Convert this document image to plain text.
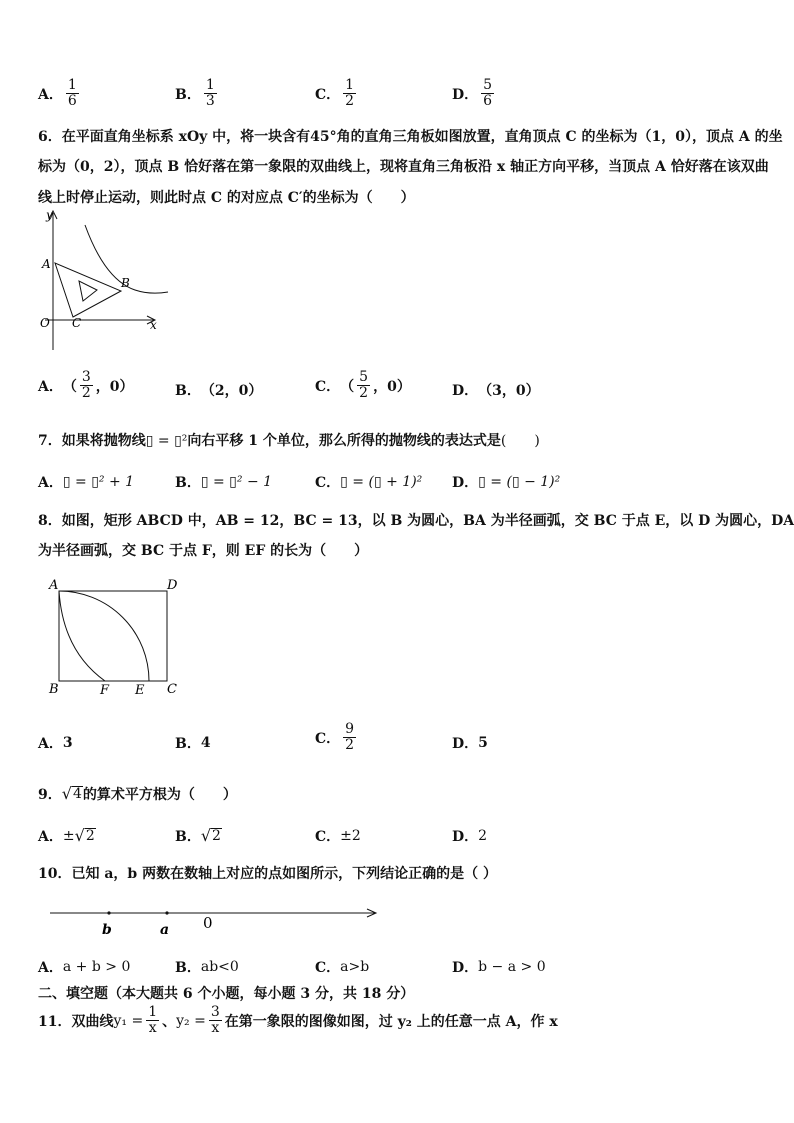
A． $\frac{1}{6}$	B． $\frac{1}{3}$	C． $\frac{1}{2}$	D． $\frac{5}{6}$
6．在平面直角坐标系 xOy 中，将一块含有45°角的直角三角板如图放置，直角顶点 C 的坐标为（1，0），顶点 A 的坐
标为（0，2），顶点 B 恰好落在第一象限的双曲线上，现将直角三角板沿 x 轴正方向平移，当顶点 A 恰好落在该双曲
线上时停止运动，则此时点 C 的对应点 C′的坐标为（　　）
y
x
O
A
B
C
A． （ $\frac{3}{2}$ ，0）	B． （2，0）	C． （ $\frac{5}{2}$ ，0）	D． （3，0）
7．如果将抛物线▯ = ▯²向右平移 1 个单位，那么所得的抛物线的表达式是(　　)
A． ▯ = ▯² + 1	B． ▯ = ▯² − 1	C． ▯ = (▯ + 1)² D． ▯ = (▯ − 1)²
8．如图，矩形 ABCD 中，AB = 12，BC = 13，以 B 为圆心，BA 为半径画弧，交 BC 于点 E，以 D 为圆心，DA
为半径画弧，交 BC 于点 F，则 EF 的长为（　　）
A	D
B	C
F E
A． 3	B． 4	C． $\frac{9}{2}$	D． 5
9． √ 4 的算术平方根为（　　）
A． ± √ 2	B． √ 2	C． ±2	D． 2
10．已知 a，b 两数在数轴上对应的点如图所示，下列结论正确的是（ ）
b	a 0
A． a + b > 0	B． ab<0	C． a>b	D． b − a > 0
二、填空题（本大题共 6 个小题，每小题 3 分，共 18 分）
11．双曲线 $y_1 = \frac{1}{x}$ 、 $y_2 = \frac{3}{x}$ 在第一象限的图像如图，过 y₂ 上的任意一点 A，作 x
